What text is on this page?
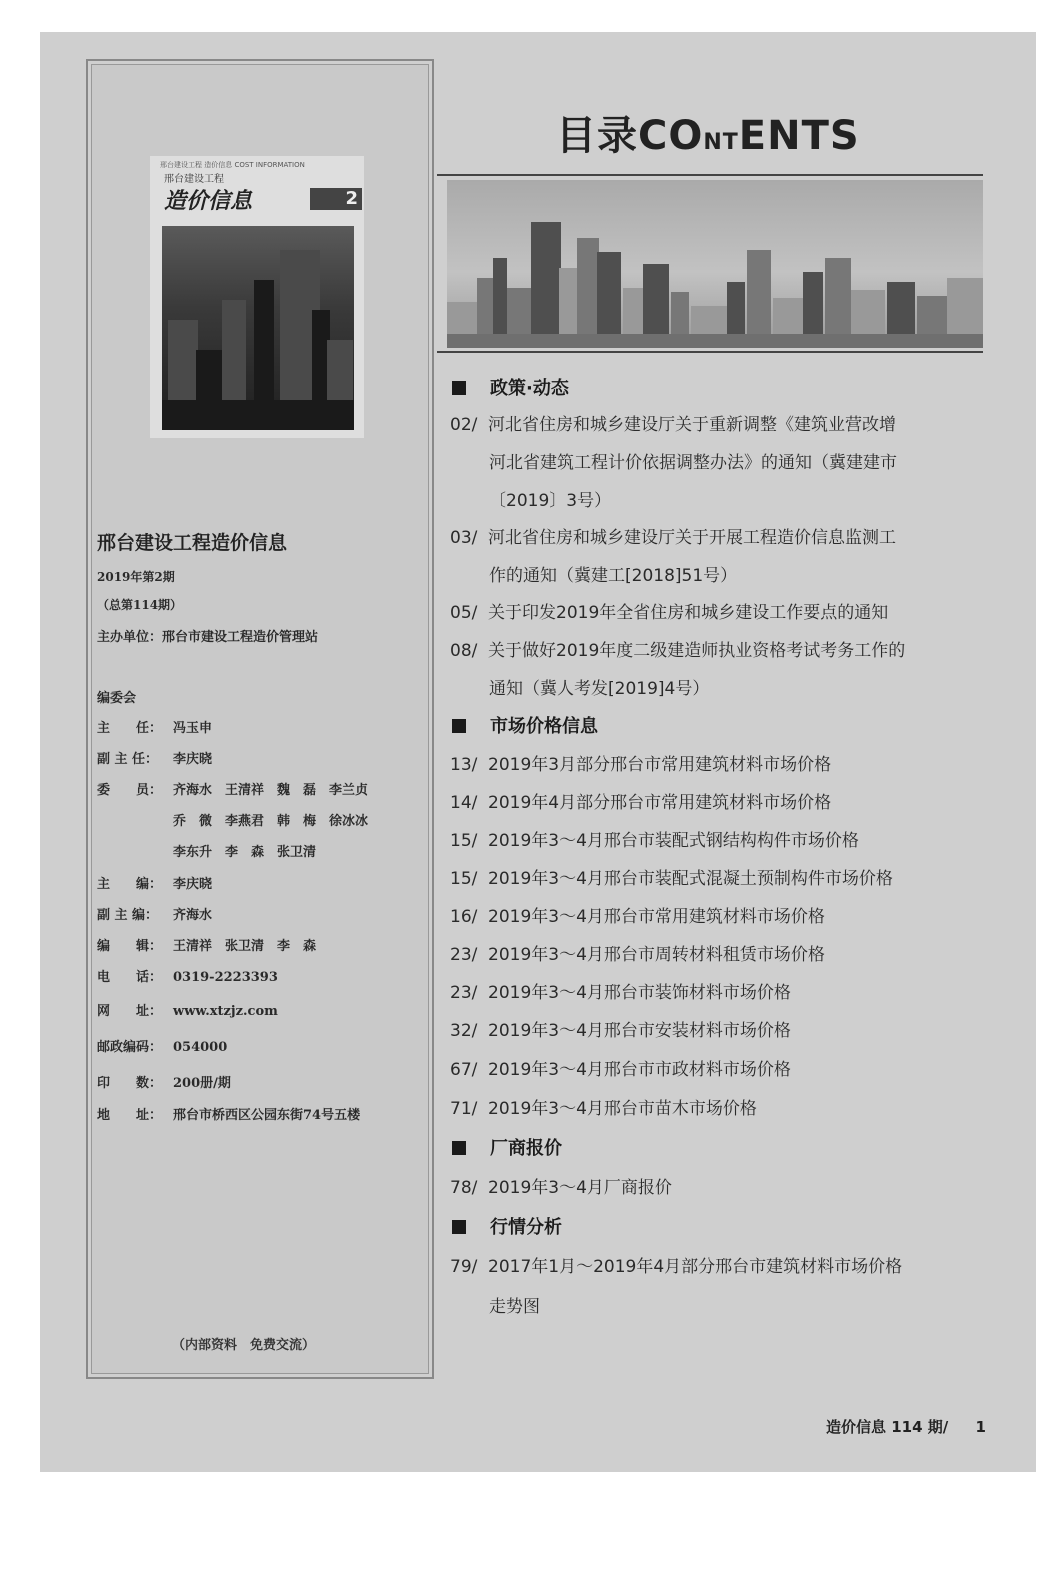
邢台建设工程 造价信息 COST INFORMATION
邢台建设工程
造价信息	2
邢台建设工程造价信息
2019年第2期
（总第114期）
主办单位：邢台市建设工程造价管理站
编委会
主　　任： 冯玉申
副 主 任： 李庆晓
委　　员： 齐海水　王清祥　魏　磊　李兰贞
乔　微　李燕君　韩　梅　徐冰冰
李东升　李　森　张卫清
主　　编： 李庆晓
副 主 编： 齐海水
编　　辑： 王清祥　张卫清　李　森
电　　话： 0319-2223393
网　　址： www.xtzjz.com
邮政编码： 054000
印　　数： 200册/期
地　　址： 邢台市桥西区公园东街74号五楼
（内部资料　免费交流）
目录CONTENTS
政策·动态
02/ 河北省住房和城乡建设厅关于重新调整《建筑业营改增
河北省建筑工程计价依据调整办法》的通知（冀建建市
〔2019〕3号）
03/ 河北省住房和城乡建设厅关于开展工程造价信息监测工
作的通知（冀建工[2018]51号）
05/ 关于印发2019年全省住房和城乡建设工作要点的通知
08/ 关于做好2019年度二级建造师执业资格考试考务工作的
通知（冀人考发[2019]4号）
市场价格信息
13/ 2019年3月部分邢台市常用建筑材料市场价格
14/ 2019年4月部分邢台市常用建筑材料市场价格
15/ 2019年3～4月邢台市装配式钢结构构件市场价格
15/ 2019年3～4月邢台市装配式混凝土预制构件市场价格
16/ 2019年3～4月邢台市常用建筑材料市场价格
23/ 2019年3～4月邢台市周转材料租赁市场价格
23/ 2019年3～4月邢台市装饰材料市场价格
32/ 2019年3～4月邢台市安装材料市场价格
67/ 2019年3～4月邢台市市政材料市场价格
71/ 2019年3～4月邢台市苗木市场价格
厂商报价
78/ 2019年3～4月厂商报价
行情分析
79/ 2017年1月～2019年4月部分邢台市建筑材料市场价格
走势图
造价信息 114 期/ 1
